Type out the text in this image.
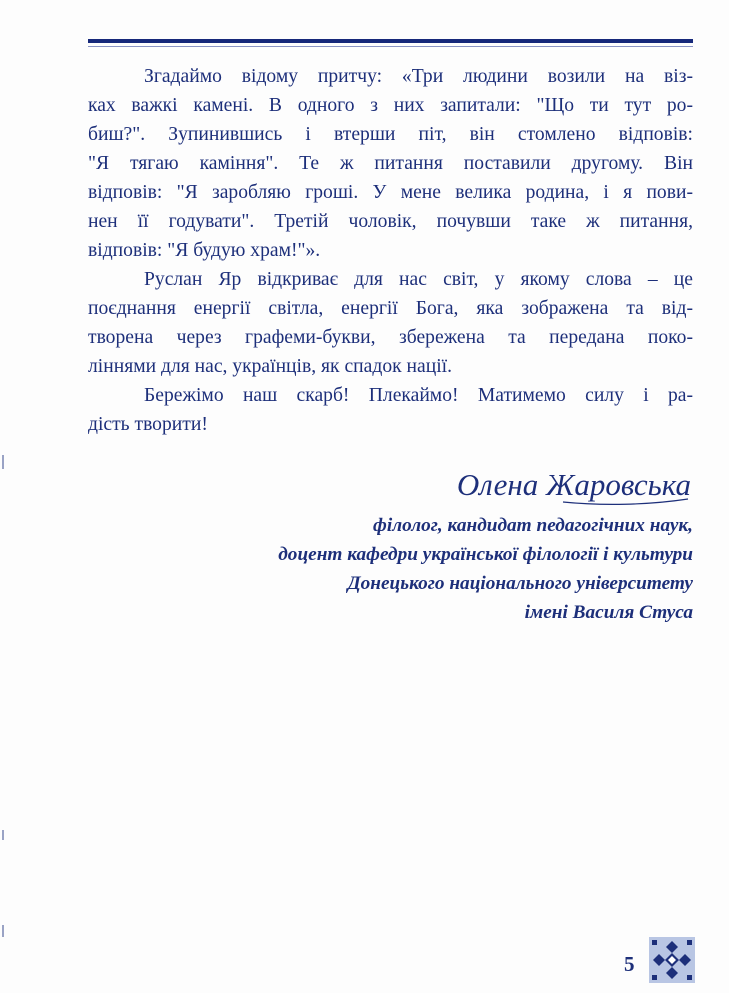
Згадаймо відому притчу: «Три людини возили на віз-
ках важкі камені. В одного з них запитали: "Що ти тут ро-
биш?". Зупинившись і втерши піт, він стомлено відповів:
"Я тягаю каміння". Те ж питання поставили другому. Він
відповів: "Я заробляю гроші. У мене велика родина, і я пови-
нен її годувати". Третій чоловік, почувши таке ж питання,
відповів: "Я будую храм!"».

Руслан Яр відкриває для нас світ, у якому слова – це
поєднання енергії світла, енергії Бога, яка зображена та від-
творена через графеми-букви, збережена та передана поко-
ліннями для нас, українців, як спадок нації.

Бережімо наш скарб! Плекаймо! Матимемо силу і ра-
дість творити!

Олена Жаровська
філолог, кандидат педагогічних наук,
доцент кафедри української філології і культури
Донецького національного університету
імені Василя Стуса
5
